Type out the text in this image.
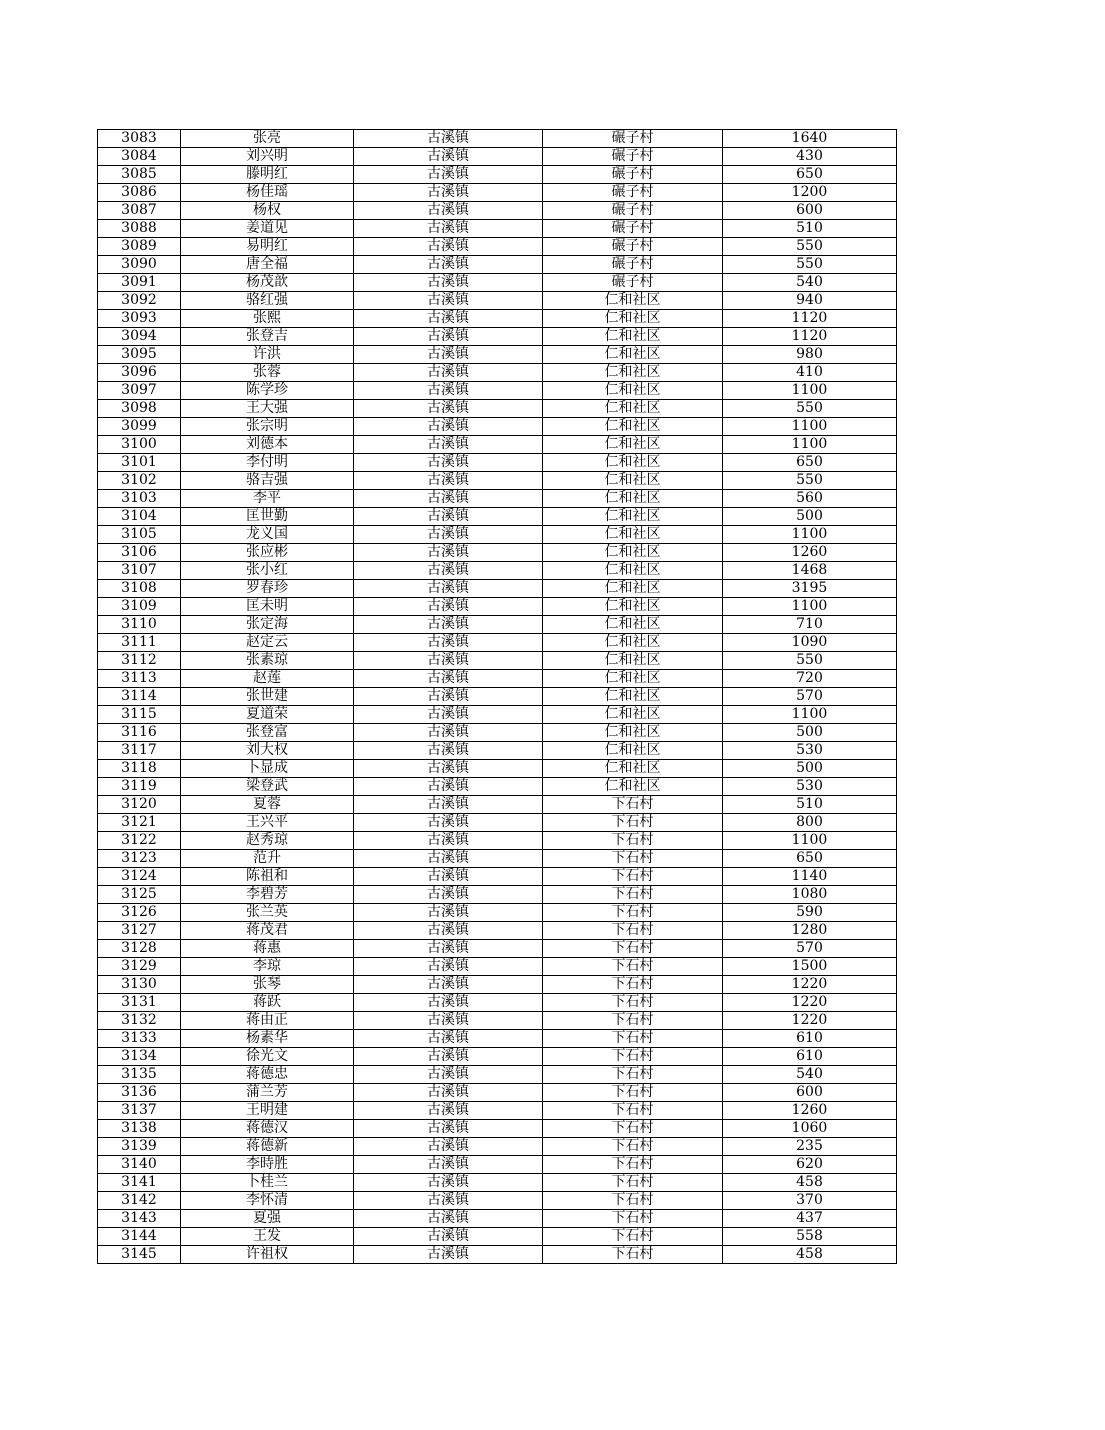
3083	张亮	古溪镇	碾子村	1640
3084	刘兴明	古溪镇	碾子村	430
3085	滕明红	古溪镇	碾子村	650
3086	杨佳瑶	古溪镇	碾子村	1200
3087	杨权	古溪镇	碾子村	600
3088	姜道见	古溪镇	碾子村	510
3089	易明红	古溪镇	碾子村	550
3090	唐全福	古溪镇	碾子村	550
3091	杨茂歆	古溪镇	碾子村	540
3092	骆红强	古溪镇	仁和社区	940
3093	张熙	古溪镇	仁和社区	1120
3094	张登吉	古溪镇	仁和社区	1120
3095	许洪	古溪镇	仁和社区	980
3096	张蓉	古溪镇	仁和社区	410
3097	陈学珍	古溪镇	仁和社区	1100
3098	王大强	古溪镇	仁和社区	550
3099	张宗明	古溪镇	仁和社区	1100
3100	刘德本	古溪镇	仁和社区	1100
3101	李付明	古溪镇	仁和社区	650
3102	骆吉强	古溪镇	仁和社区	550
3103	李平	古溪镇	仁和社区	560
3104	匡世勤	古溪镇	仁和社区	500
3105	龙义国	古溪镇	仁和社区	1100
3106	张应彬	古溪镇	仁和社区	1260
3107	张小红	古溪镇	仁和社区	1468
3108	罗春珍	古溪镇	仁和社区	3195
3109	匡未明	古溪镇	仁和社区	1100
3110	张定海	古溪镇	仁和社区	710
3111	赵定云	古溪镇	仁和社区	1090
3112	张素琼	古溪镇	仁和社区	550
3113	赵莲	古溪镇	仁和社区	720
3114	张世建	古溪镇	仁和社区	570
3115	夏道荣	古溪镇	仁和社区	1100
3116	张登富	古溪镇	仁和社区	500
3117	刘大权	古溪镇	仁和社区	530
3118	卜显成	古溪镇	仁和社区	500
3119	梁登武	古溪镇	仁和社区	530
3120	夏蓉	古溪镇	下石村	510
3121	王兴平	古溪镇	下石村	800
3122	赵秀琼	古溪镇	下石村	1100
3123	范升	古溪镇	下石村	650
3124	陈祖和	古溪镇	下石村	1140
3125	李碧芳	古溪镇	下石村	1080
3126	张兰英	古溪镇	下石村	590
3127	蒋茂君	古溪镇	下石村	1280
3128	蒋惠	古溪镇	下石村	570
3129	李琼	古溪镇	下石村	1500
3130	张琴	古溪镇	下石村	1220
3131	蒋跃	古溪镇	下石村	1220
3132	蒋由正	古溪镇	下石村	1220
3133	杨素华	古溪镇	下石村	610
3134	徐光文	古溪镇	下石村	610
3135	蒋德忠	古溪镇	下石村	540
3136	蒲兰芳	古溪镇	下石村	600
3137	王明建	古溪镇	下石村	1260
3138	蒋德汉	古溪镇	下石村	1060
3139	蒋德新	古溪镇	下石村	235
3140	李時胜	古溪镇	下石村	620
3141	卜桂兰	古溪镇	下石村	458
3142	李怀清	古溪镇	下石村	370
3143	夏强	古溪镇	下石村	437
3144	王发	古溪镇	下石村	558
3145	许祖权	古溪镇	下石村	458
